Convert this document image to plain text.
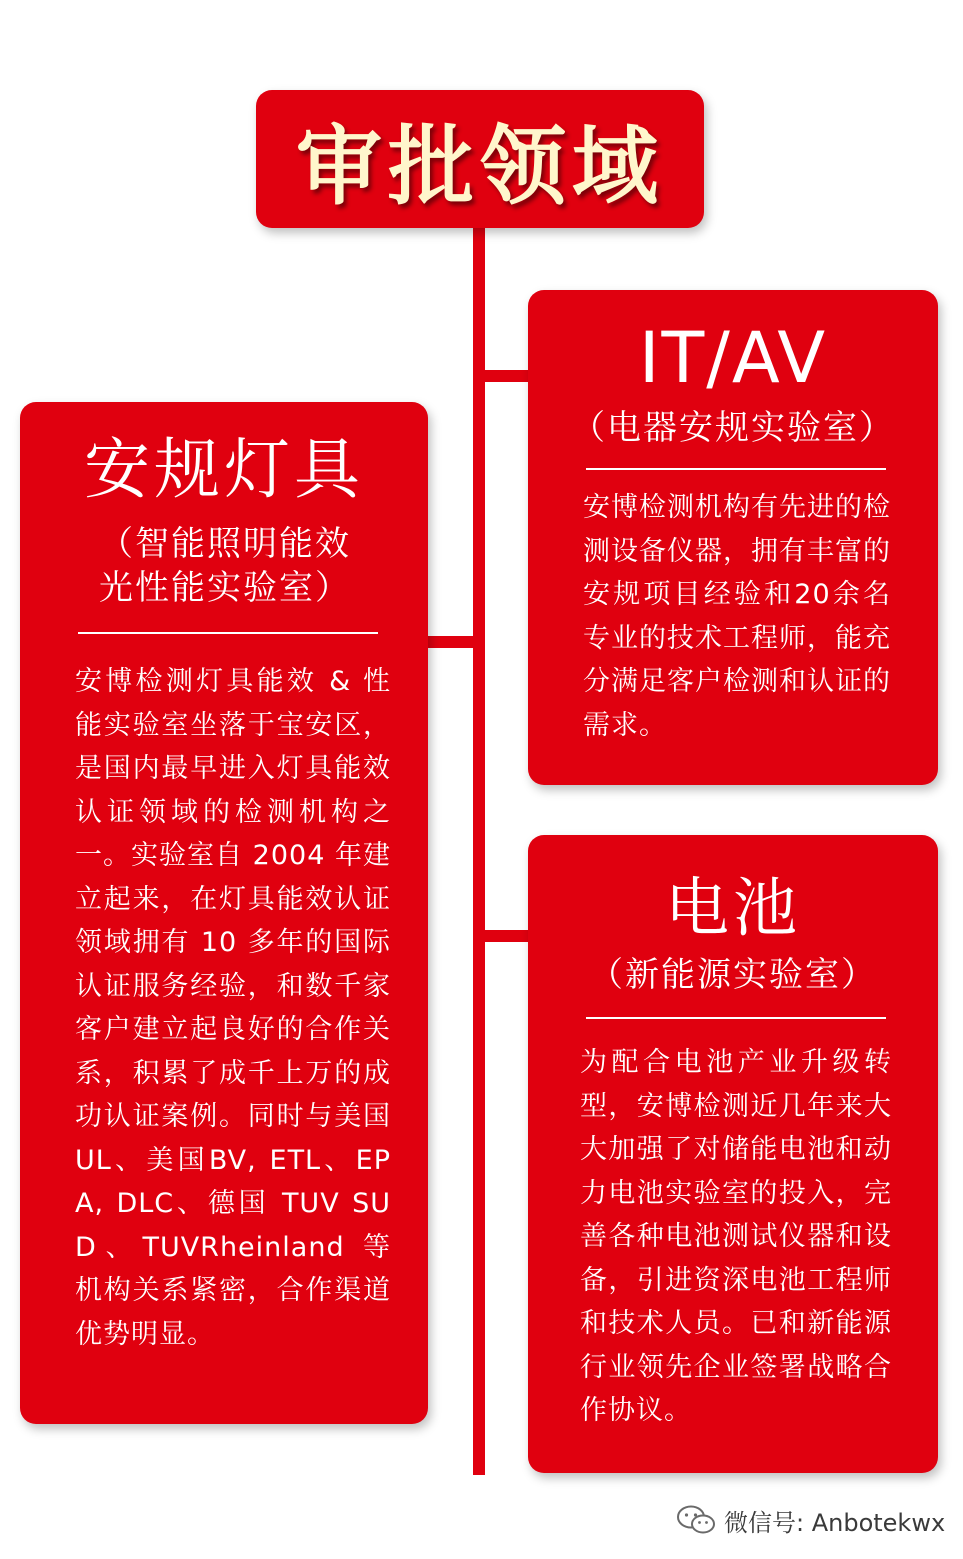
审批领域
安规灯具
（智能照明能效 光性能实验室）
安博检测灯具能效 & 性能实验室坐落于宝安区，是国内最早进入灯具能效认证领域的检测机构之一。实验室自 2004 年建立起来，在灯具能效认证领域拥有 10 多年的国际认证服务经验，和数千家客户建立起良好的合作关系，积累了成千上万的成功认证案例。同时与美国 UL、美国BV, ETL、EPA, DLC、德国 TUV SUD、TUVRheinland 等机构关系紧密，合作渠道优势明显。
IT/AV
（电器安规实验室）
安博检测机构有先进的检测设备仪器，拥有丰富的安规项目经验和20余名专业的技术工程师，能充分满足客户检测和认证的需求。
电池
（新能源实验室）
为配合电池产业升级转型，安博检测近几年来大大加强了对储能电池和动力电池实验室的投入，完善各种电池测试仪器和设备，引进资深电池工程师和技术人员。已和新能源行业领先企业签署战略合作协议。
微信号: Anbotekwx
